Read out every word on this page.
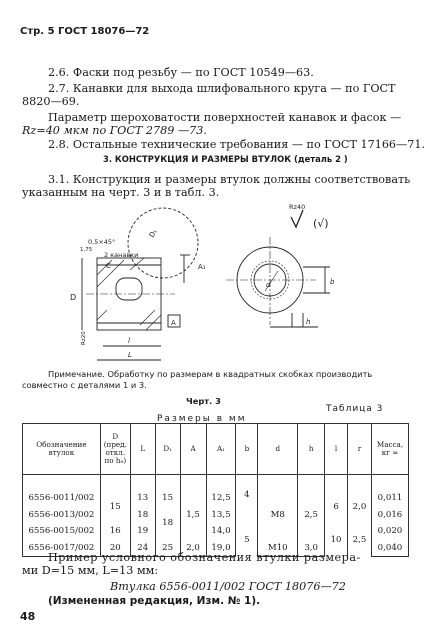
Стр. 5 ГОСТ 18076—72
2.6. Фаски под резьбу — по ГОСТ 10549—63.
2.7. Канавки для выхода шлифовального круга — по ГОСТ
8820—69.
Параметр шероховатости поверхностей канавок и фасок —
Rz=40 мкм по ГОСТ 2789 —73.
2.8. Остальные технические требования — по ГОСТ 17166—71.
3. КОНСТРУКЦИЯ И РАЗМЕРЫ ВТУЛОК (деталь 2 )
3.1. Конструкция и размеры втулок должны соответствовать
указанным на черт. 3 и в табл. 3.
Rz40
(√)
D
C
0,5×45°
2 канавки
1,75
D₁
A₁
A
l
L
Rz20
d	b
h
Примечание. Обработку по размерам в квадратных скобках производить
совместно с деталями 1 и 3.
Черт. 3
Таблица 3
Размеры в мм
Обозначение втулок	D (пред. откл. по h₈)	L	D₁	A	A₁	b	d	h	l	r	Масса, кг ≈

6556-0011/002	15	13	15	1,5	12,5	4	M8	2,5	6	2,0	0,011
6556-0013/002		18	18		13,5						0,016
6556-0015/002	16	19			14,0	5			10	2,5	0,020
6556-0017/002	20	24	25	2,0	19,0		M10	3,0			0,040
Пример условного обозначения втулки размера-
ми D=15 мм, L=13 мм:
Втулка 6556-0011/002 ГОСТ 18076—72
(Измененная редакция, Изм. № 1).
48
